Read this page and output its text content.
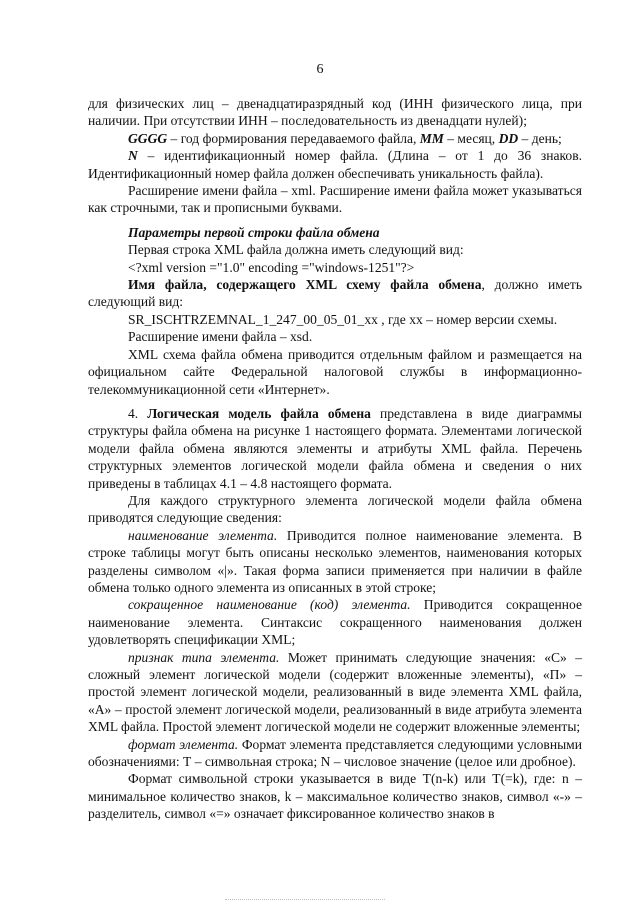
6

для физических лиц – двенадцатиразрядный код (ИНН физического лица, при наличии. При отсутствии ИНН – последовательность из двенадцати нулей);

GGGG – год формирования передаваемого файла, MM – месяц, DD – день;

N – идентификационный номер файла. (Длина – от 1 до 36 знаков. Идентификационный номер файла должен обеспечивать уникальность файла).

Расширение имени файла – xml. Расширение имени файла может указываться как строчными, так и прописными буквами.

Параметры первой строки файла обмена

Первая строка XML файла должна иметь следующий вид:

<?xml version ="1.0" encoding ="windows-1251"?>

Имя файла, содержащего XML схему файла обмена, должно иметь следующий вид:

SR_ISCHTRZEMNAL_1_247_00_05_01_xx , где xx – номер версии схемы.

Расширение имени файла – xsd.

XML схема файла обмена приводится отдельным файлом и размещается на официальном сайте Федеральной налоговой службы в информационно-телекоммуникационной сети «Интернет».

4. Логическая модель файла обмена представлена в виде диаграммы структуры файла обмена на рисунке 1 настоящего формата. Элементами логической модели файла обмена являются элементы и атрибуты XML файла. Перечень структурных элементов логической модели файла обмена и сведения о них приведены в таблицах 4.1 – 4.8 настоящего формата.

Для каждого структурного элемента логической модели файла обмена приводятся следующие сведения:

наименование элемента. Приводится полное наименование элемента. В строке таблицы могут быть описаны несколько элементов, наименования которых разделены символом «|». Такая форма записи применяется при наличии в файле обмена только одного элемента из описанных в этой строке;

сокращенное наименование (код) элемента. Приводится сокращенное наименование элемента. Синтаксис сокращенного наименования должен удовлетворять спецификации XML;

признак типа элемента. Может принимать следующие значения: «С» – сложный элемент логической модели (содержит вложенные элементы), «П» – простой элемент логической модели, реализованный в виде элемента XML файла, «А» – простой элемент логической модели, реализованный в виде атрибута элемента XML файла. Простой элемент логической модели не содержит вложенные элементы;

формат элемента. Формат элемента представляется следующими условными обозначениями: Т – символьная строка; N – числовое значение (целое или дробное).

Формат символьной строки указывается в виде T(n-k) или T(=k), где: n – минимальное количество знаков, k – максимальное количество знаков, символ «-» – разделитель, символ «=» означает фиксированное количество знаков в
